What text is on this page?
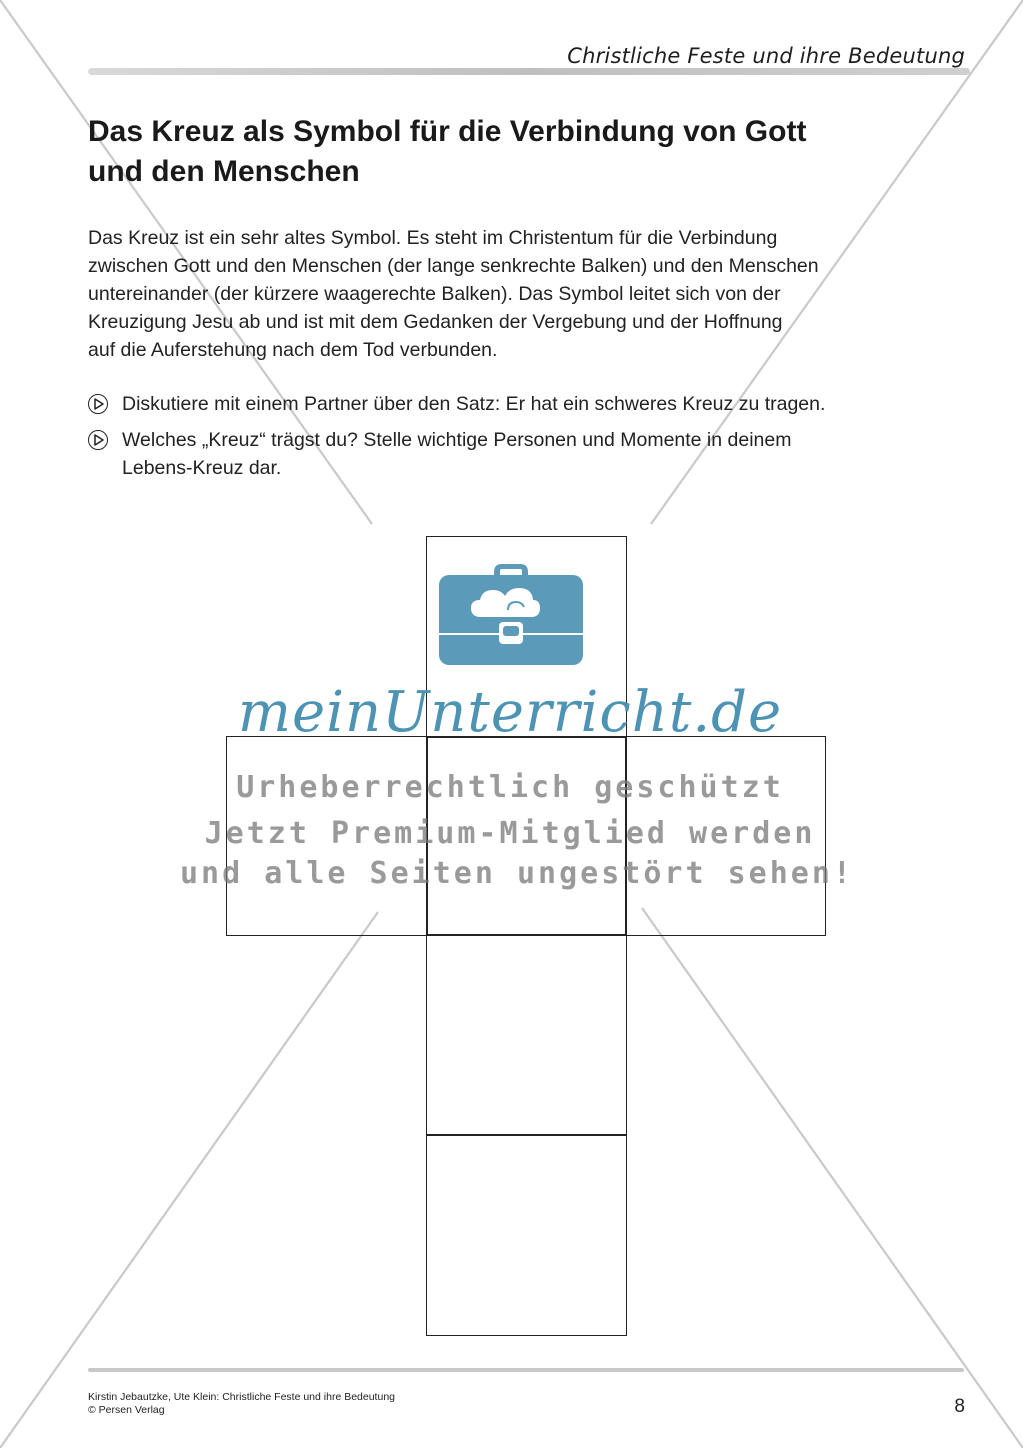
Christliche Feste und ihre Bedeutung
Das Kreuz als Symbol für die Verbindung von Gott
und den Menschen

Das Kreuz ist ein sehr altes Symbol. Es steht im Christentum für die Verbindung
zwischen Gott und den Menschen (der lange senkrechte Balken) und den Menschen
untereinander (der kürzere waagerechte Balken). Das Symbol leitet sich von der
Kreuzigung Jesu ab und ist mit dem Gedanken der Vergebung und der Hoffnung
auf die Auferstehung nach dem Tod verbunden.

Diskutiere mit einem Partner über den Satz: Er hat ein schweres Kreuz zu tragen.
Welches „Kreuz“ trägst du? Stelle wichtige Personen und Momente in deinem
Lebens-Kreuz dar.
meinUnterricht.de
Urheberrechtlich geschützt
Jetzt Premium-Mitglied werden
und alle Seiten ungestört sehen!
Kirstin Jebautzke, Ute Klein: Christliche Feste und ihre Bedeutung
© Persen Verlag	8
